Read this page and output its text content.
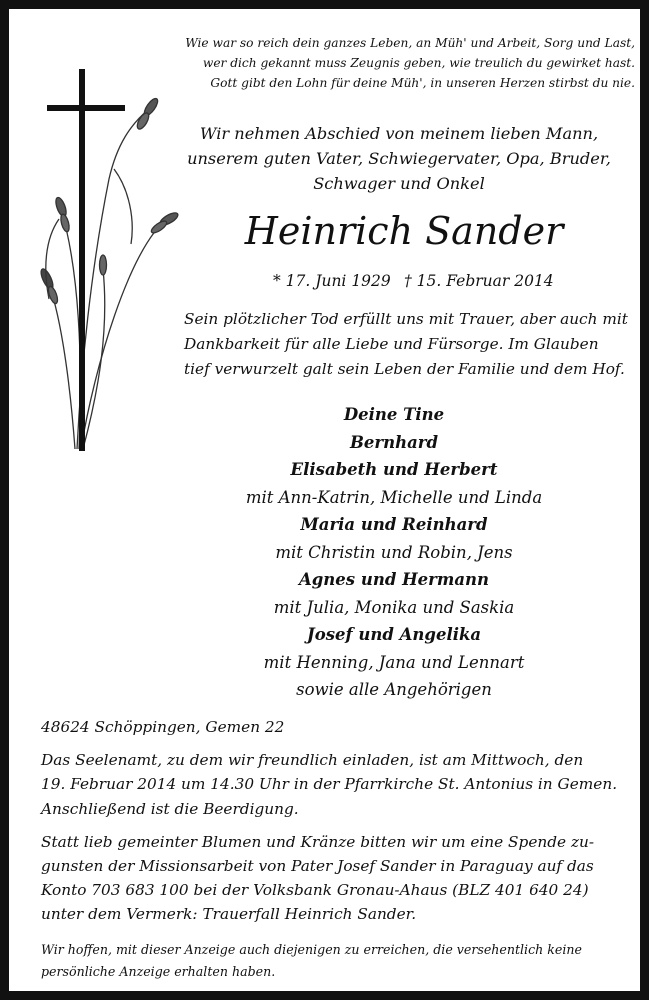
Wie war so reich dein ganzes Leben, an Müh' und Arbeit, Sorg und Last,
wer dich gekannt muss Zeugnis geben, wie treulich du gewirket hast.
Gott gibt den Lohn für deine Müh', in unseren Herzen stirbst du nie.
Wir nehmen Abschied von meinem lieben Mann,
unserem guten Vater, Schwiegervater, Opa, Bruder,
Schwager und Onkel
Heinrich Sander
* 17. Juni 1929 † 15. Februar 2014
Sein plötzlicher Tod erfüllt uns mit Trauer, aber auch mit
Dankbarkeit für alle Liebe und Fürsorge. Im Glauben
tief verwurzelt galt sein Leben der Familie und dem Hof.
Deine Tine
Bernhard
Elisabeth und Herbert
mit Ann-Katrin, Michelle und Linda
Maria und Reinhard
mit Christin und Robin, Jens
Agnes und Hermann
mit Julia, Monika und Saskia
Josef und Angelika
mit Henning, Jana und Lennart
sowie alle Angehörigen
48624 Schöppingen, Gemen 22
Das Seelenamt, zu dem wir freundlich einladen, ist am Mittwoch, den
19. Februar 2014 um 14.30 Uhr in der Pfarrkirche St. Antonius in Gemen.
Anschließend ist die Beerdigung.
Statt lieb gemeinter Blumen und Kränze bitten wir um eine Spende zu-
gunsten der Missionsarbeit von Pater Josef Sander in Paraguay auf das
Konto 703 683 100 bei der Volksbank Gronau-Ahaus (BLZ 401 640 24)
unter dem Vermerk: Trauerfall Heinrich Sander.
Wir hoffen, mit dieser Anzeige auch diejenigen zu erreichen, die versehentlich keine
persönliche Anzeige erhalten haben.
